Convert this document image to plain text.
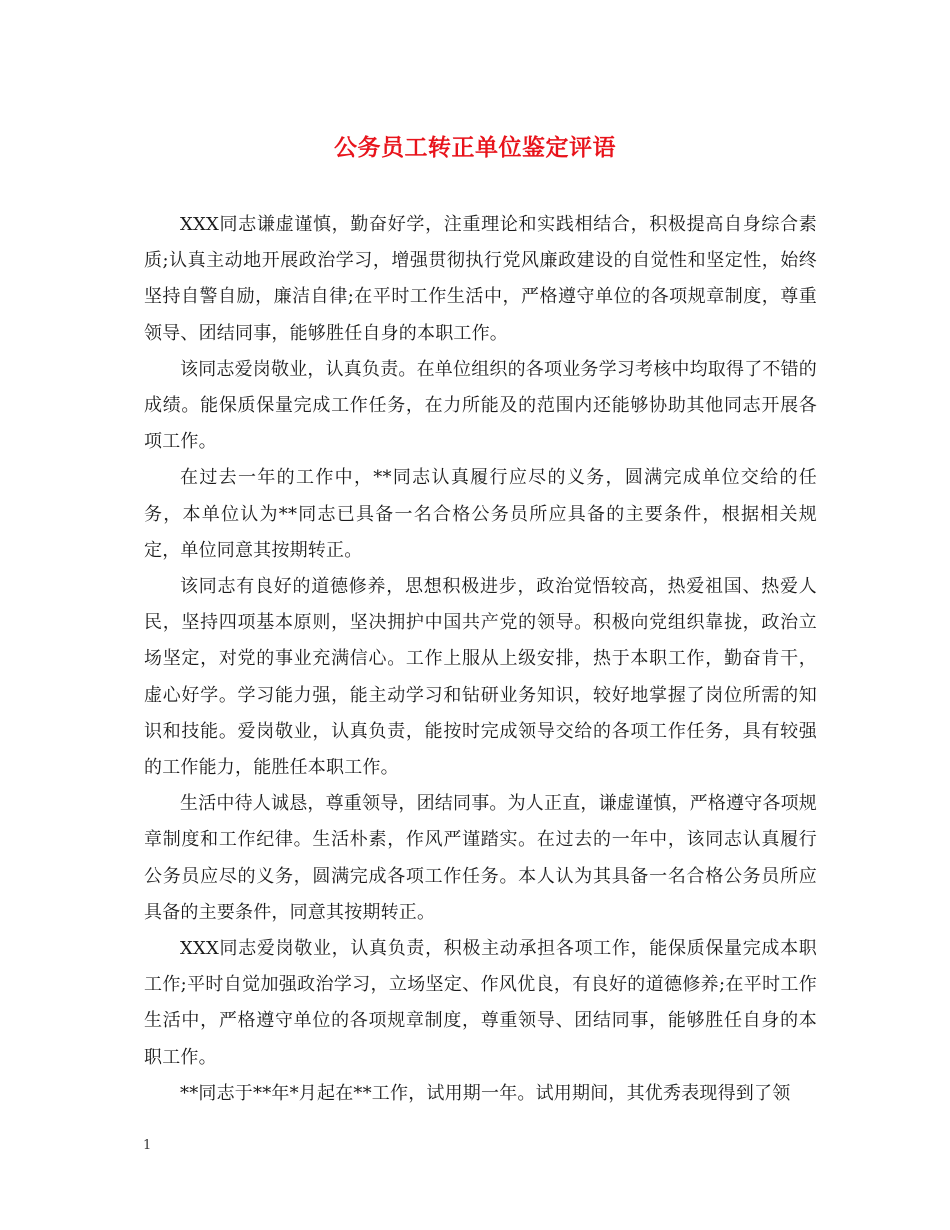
公务员工转正单位鉴定评语

XXX同志谦虚谨慎，勤奋好学，注重理论和实践相结合，积极提高自身综合素质;认真主动地开展政治学习，增强贯彻执行党风廉政建设的自觉性和坚定性，始终坚持自警自励，廉洁自律;在平时工作生活中，严格遵守单位的各项规章制度，尊重领导、团结同事，能够胜任自身的本职工作。

该同志爱岗敬业，认真负责。在单位组织的各项业务学习考核中均取得了不错的成绩。能保质保量完成工作任务，在力所能及的范围内还能够协助其他同志开展各项工作。

在过去一年的工作中，**同志认真履行应尽的义务，圆满完成单位交给的任务，本单位认为**同志已具备一名合格公务员所应具备的主要条件，根据相关规定，单位同意其按期转正。

该同志有良好的道德修养，思想积极进步，政治觉悟较高，热爱祖国、热爱人民，坚持四项基本原则，坚决拥护中国共产党的领导。积极向党组织靠拢，政治立场坚定，对党的事业充满信心。工作上服从上级安排，热于本职工作，勤奋肯干，虚心好学。学习能力强，能主动学习和钻研业务知识，较好地掌握了岗位所需的知识和技能。爱岗敬业，认真负责，能按时完成领导交给的各项工作任务，具有较强的工作能力，能胜任本职工作。

生活中待人诚恳，尊重领导，团结同事。为人正直，谦虚谨慎，严格遵守各项规章制度和工作纪律。生活朴素，作风严谨踏实。在过去的一年中，该同志认真履行公务员应尽的义务，圆满完成各项工作任务。本人认为其具备一名合格公务员所应具备的主要条件，同意其按期转正。

XXX同志爱岗敬业，认真负责，积极主动承担各项工作，能保质保量完成本职工作;平时自觉加强政治学习，立场坚定、作风优良，有良好的道德修养;在平时工作生活中，严格遵守单位的各项规章制度，尊重领导、团结同事，能够胜任自身的本职工作。

**同志于**年*月起在**工作，试用期一年。试用期间，其优秀表现得到了领

1
